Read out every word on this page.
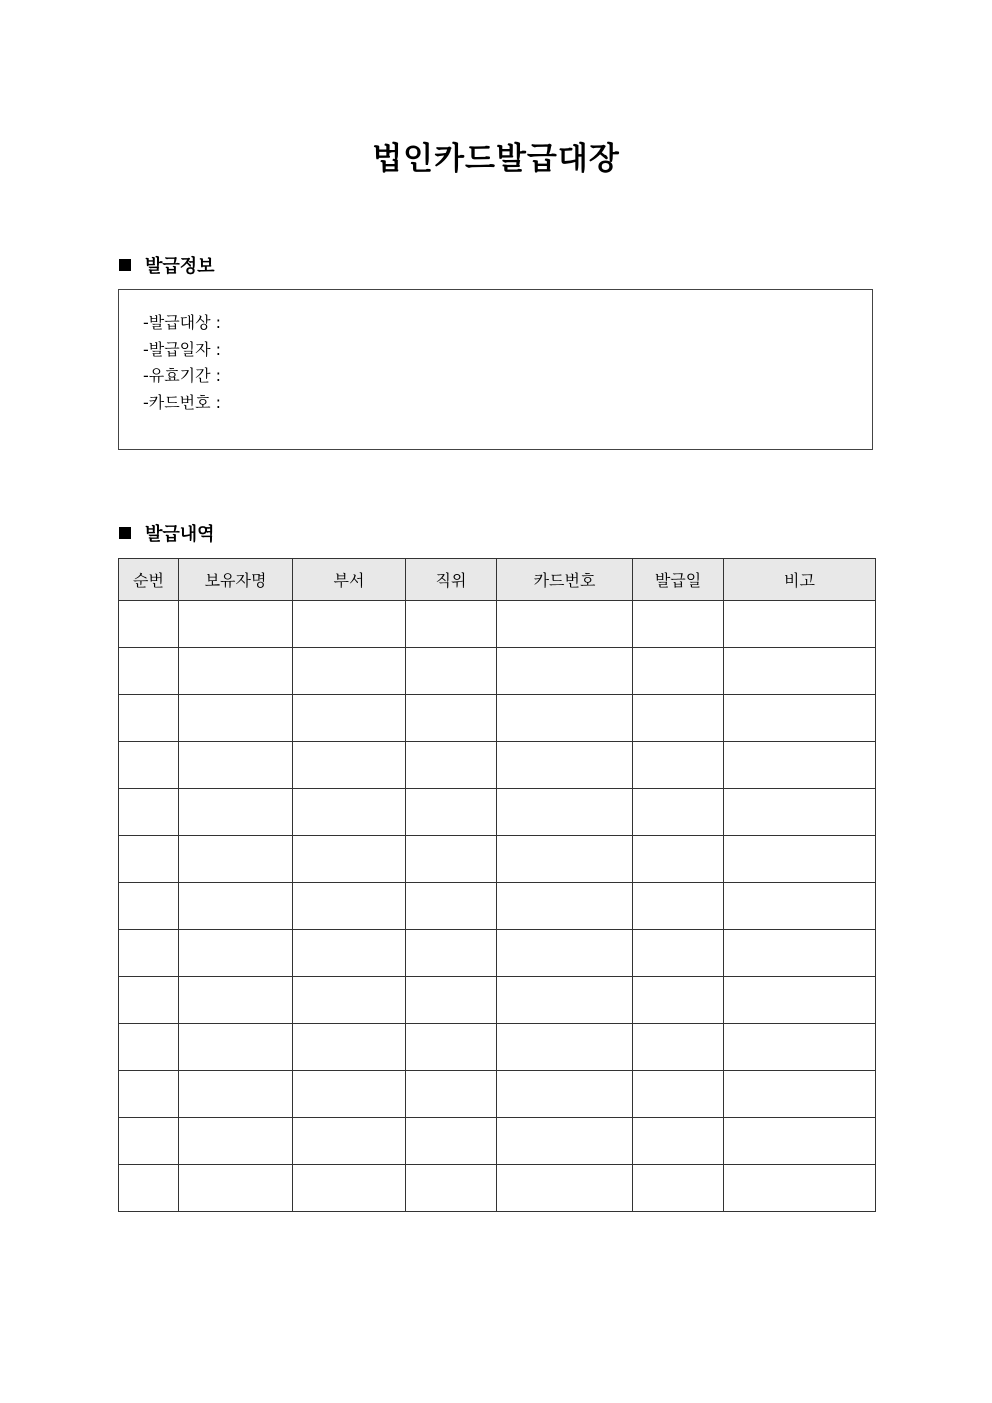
법인카드발급대장
발급정보
-발급대상 :
-발급일자 :
-유효기간 :
-카드번호 :
발급내역
순번	보유자명	부서	직위	카드번호	발급일	비고
